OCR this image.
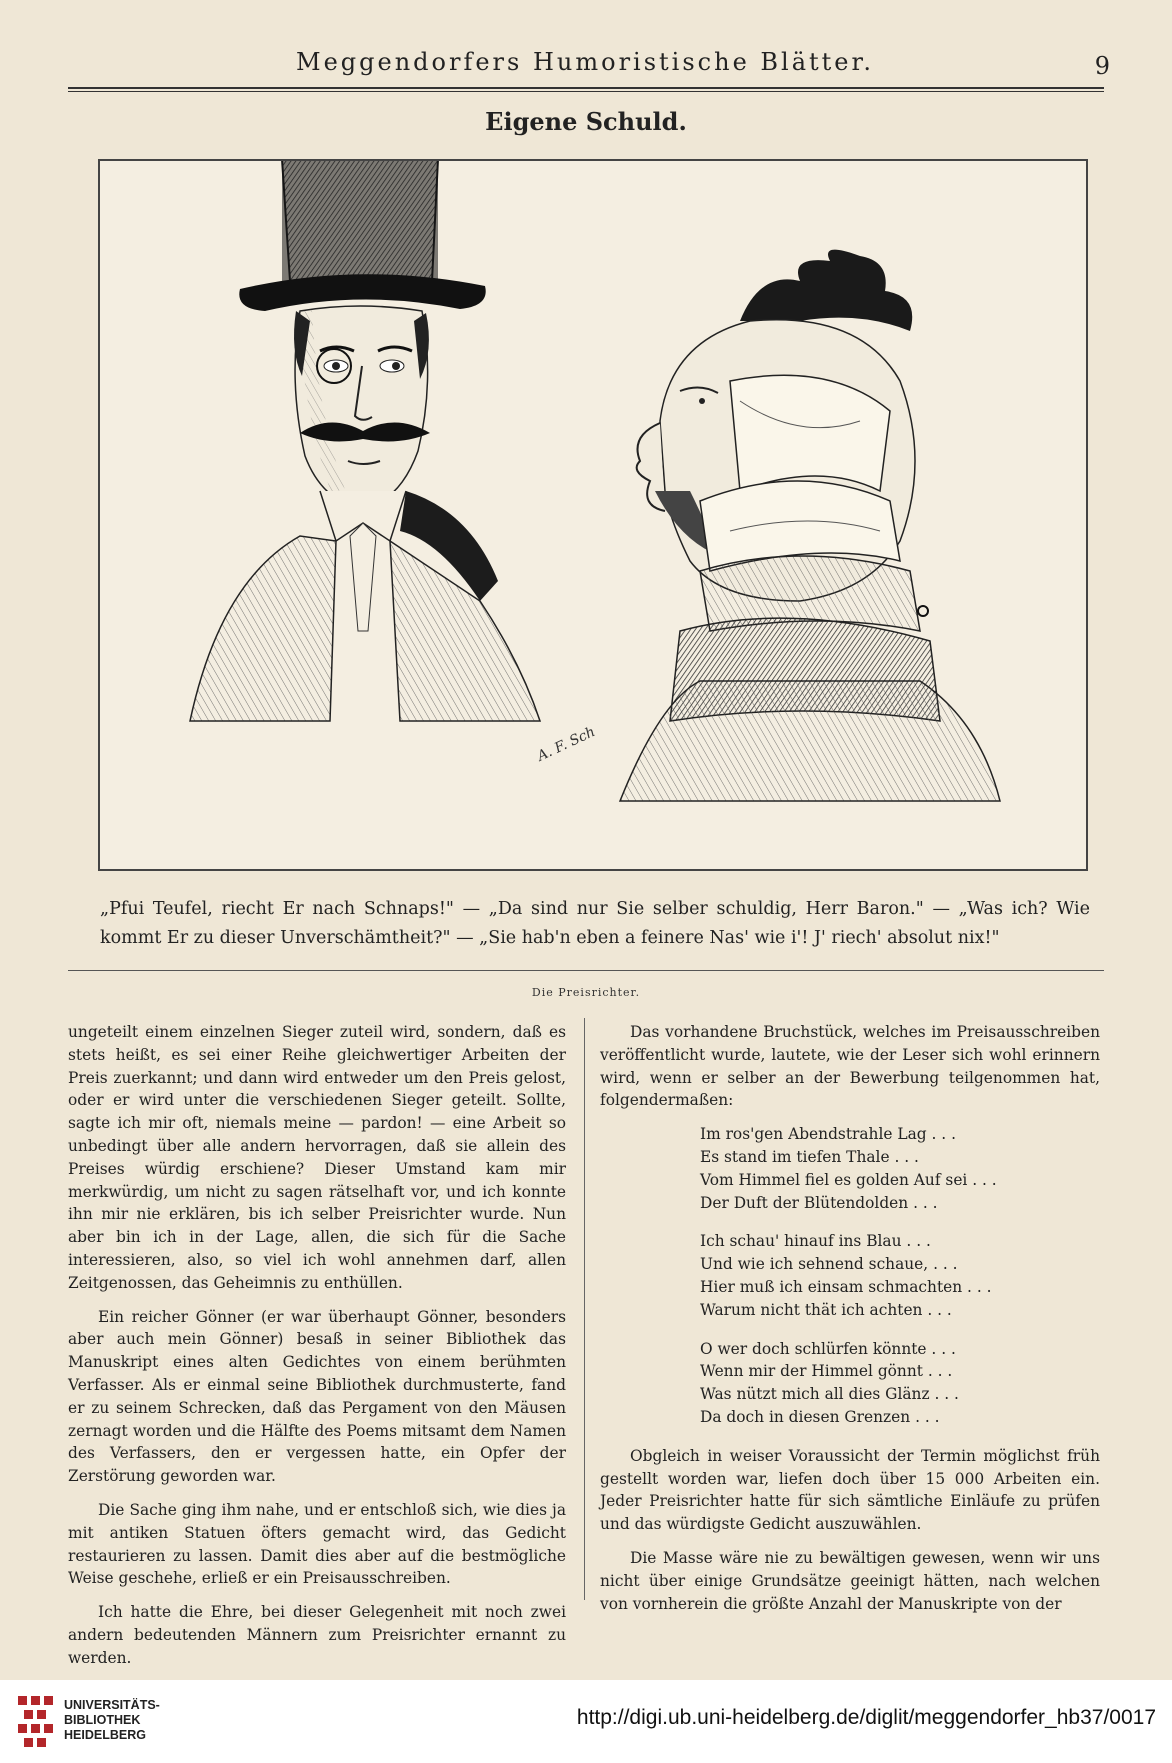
Meggendorfers Humoristische Blätter.	9
Eigene Schuld.
A. F. Sch
„Pfui Teufel, riecht Er nach Schnaps!" — „Da sind nur Sie selber schuldig, Herr Baron." — „Was ich? Wie kommt Er zu dieser Unverschämtheit?" — „Sie hab'n eben a feinere Nas' wie i'! J' riech' absolut nix!"
Die Preisrichter.

ungeteilt einem einzelnen Sieger zuteil wird, sondern, daß es stets heißt, es sei einer Reihe gleichwertiger Arbeiten der Preis zuerkannt; und dann wird entweder um den Preis gelost, oder er wird unter die verschiedenen Sieger geteilt. Sollte, sagte ich mir oft, niemals meine — pardon! — eine Arbeit so unbedingt über alle andern hervorragen, daß sie allein des Preises würdig erschiene? Dieser Umstand kam mir merkwürdig, um nicht zu sagen rätselhaft vor, und ich konnte ihn mir nie erklären, bis ich selber Preisrichter wurde. Nun aber bin ich in der Lage, allen, die sich für die Sache interessieren, also, so viel ich wohl annehmen darf, allen Zeitgenossen, das Geheimnis zu enthüllen.

Ein reicher Gönner (er war überhaupt Gönner, besonders aber auch mein Gönner) besaß in seiner Bibliothek das Manuskript eines alten Gedichtes von einem berühmten Verfasser. Als er einmal seine Bibliothek durchmusterte, fand er zu seinem Schrecken, daß das Pergament von den Mäusen zernagt worden und die Hälfte des Poems mitsamt dem Namen des Verfassers, den er vergessen hatte, ein Opfer der Zerstörung geworden war.

Die Sache ging ihm nahe, und er entschloß sich, wie dies ja mit antiken Statuen öfters gemacht wird, das Gedicht restaurieren zu lassen. Damit dies aber auf die bestmögliche Weise geschehe, erließ er ein Preisausschreiben.

Ich hatte die Ehre, bei dieser Gelegenheit mit noch zwei andern bedeutenden Männern zum Preisrichter ernannt zu werden.

Das vorhandene Bruchstück, welches im Preisausschreiben veröffentlicht wurde, lautete, wie der Leser sich wohl erinnern wird, wenn er selber an der Bewerbung teilgenommen hat, folgendermaßen:

Im ros'gen Abendstrahle Lag . . .
Es stand im tiefen Thale . . .
Vom Himmel fiel es golden Auf sei . . .
Der Duft der Blütendolden . . .
Ich schau' hinauf ins Blau . . .
Und wie ich sehnend schaue, . . .
Hier muß ich einsam schmachten . . .
Warum nicht thät ich achten . . .
O wer doch schlürfen könnte . . .
Wenn mir der Himmel gönnt . . .
Was nützt mich all dies Glänz . . .
Da doch in diesen Grenzen . . .

Obgleich in weiser Voraussicht der Termin möglichst früh gestellt worden war, liefen doch über 15 000 Arbeiten ein. Jeder Preisrichter hatte für sich sämtliche Einläufe zu prüfen und das würdigste Gedicht auszuwählen.

Die Masse wäre nie zu bewältigen gewesen, wenn wir uns nicht über einige Grundsätze geeinigt hätten, nach welchen von vornherein die größte Anzahl der Manuskripte von der

UNIVERSITÄTS-
BIBLIOTHEK
HEIDELBERG
http://digi.ub.uni-heidelberg.de/diglit/meggendorfer_hb37/0017
